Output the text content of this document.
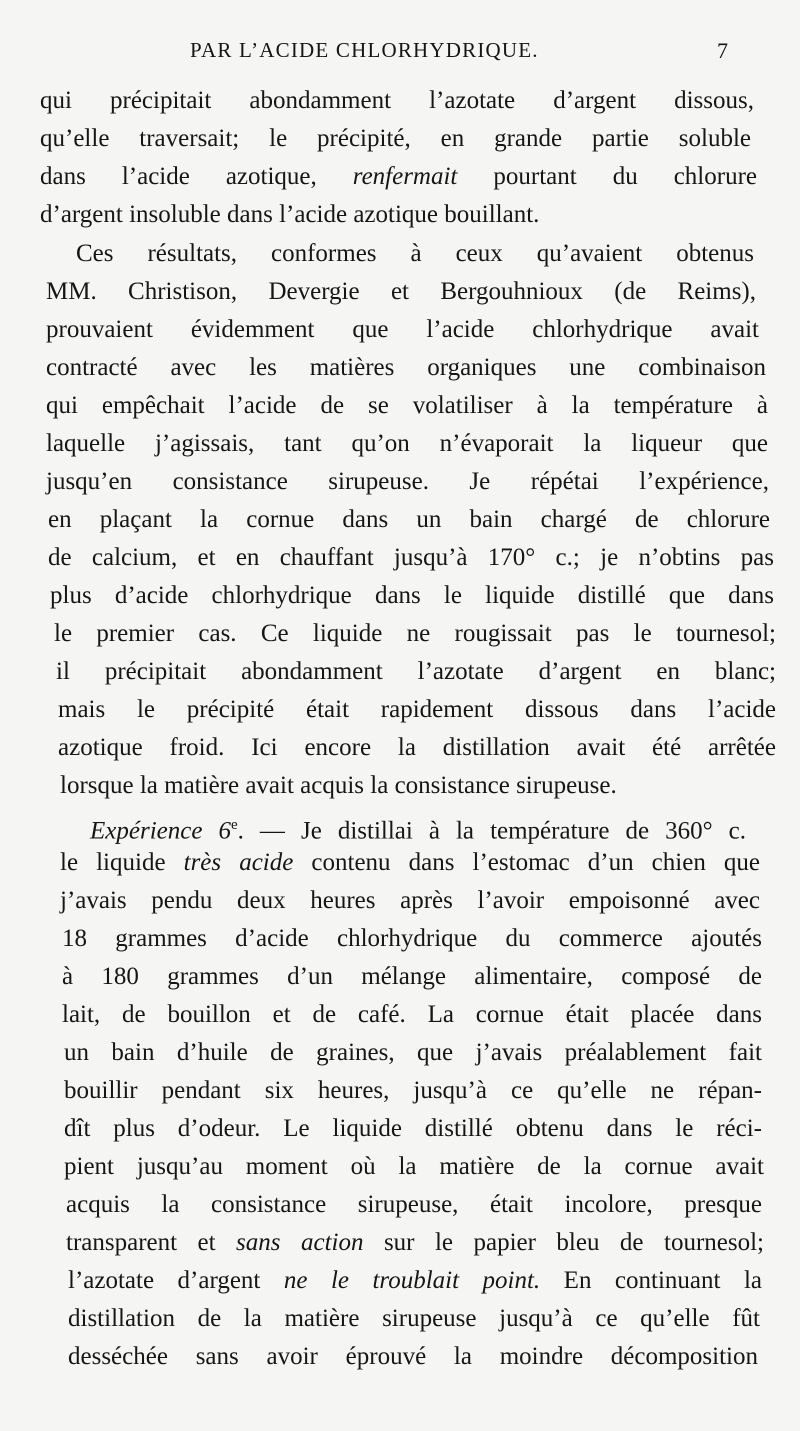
PAR L’ACIDE CHLORHYDRIQUE.	7
qui précipitait abondamment l’azotate d’argent dissous,
qu’elle traversait; le précipité, en grande partie soluble
dans l’acide azotique, renfermait pourtant du chlorure
d’argent insoluble dans l’acide azotique bouillant.
Ces résultats, conformes à ceux qu’avaient obtenus
MM. Christison, Devergie et Bergouhnioux (de Reims),
prouvaient évidemment que l’acide chlorhydrique avait
contracté avec les matières organiques une combinaison
qui empêchait l’acide de se volatiliser à la température à
laquelle j’agissais, tant qu’on n’évaporait la liqueur que
jusqu’en consistance sirupeuse. Je répétai l’expérience,
en plaçant la cornue dans un bain chargé de chlorure
de calcium, et en chauffant jusqu’à 170° c.; je n’obtins pas
plus d’acide chlorhydrique dans le liquide distillé que dans
le premier cas. Ce liquide ne rougissait pas le tournesol;
il précipitait abondamment l’azotate d’argent en blanc;
mais le précipité était rapidement dissous dans l’acide
azotique froid. Ici encore la distillation avait été arrêtée
lorsque la matière avait acquis la consistance sirupeuse.
Expérience 6e. — Je distillai à la température de 360° c.
le liquide très acide contenu dans l’estomac d’un chien que
j’avais pendu deux heures après l’avoir empoisonné avec
18 grammes d’acide chlorhydrique du commerce ajoutés
à 180 grammes d’un mélange alimentaire, composé de
lait, de bouillon et de café. La cornue était placée dans
un bain d’huile de graines, que j’avais préalablement fait
bouillir pendant six heures, jusqu’à ce qu’elle ne répan-
dît plus d’odeur. Le liquide distillé obtenu dans le réci-
pient jusqu’au moment où la matière de la cornue avait
acquis la consistance sirupeuse, était incolore, presque
transparent et sans action sur le papier bleu de tournesol;
l’azotate d’argent ne le troublait point. En continuant la
distillation de la matière sirupeuse jusqu’à ce qu’elle fût
desséchée sans avoir éprouvé la moindre décomposition
